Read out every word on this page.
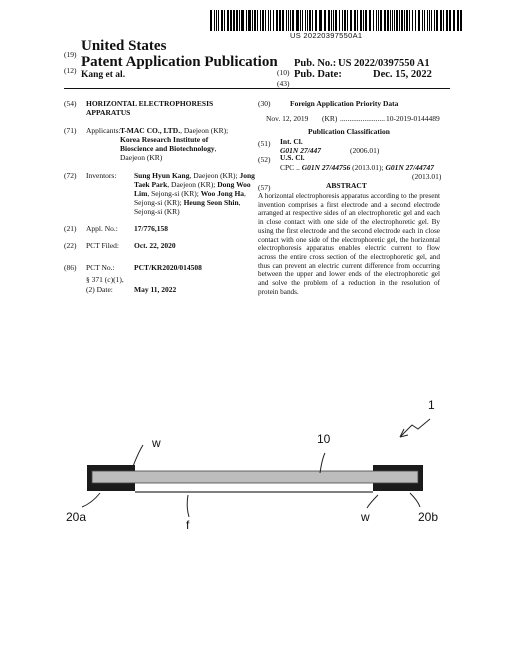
US 20220397550A1
(19)
United States
(12)
Patent Application Publication
Kang et al.	(10)
Pub. No.: US 2022/0397550 A1
(43)
Pub. Date:	Dec. 15, 2022
(54) HORIZONTAL ELECTROPHORESIS
APPARATUS
(71) Applicants: T-MAC CO., LTD., Daejeon (KR);
Korea Research Institute of
Bioscience and Biotechnology,
Daejeon (KR)
(72) Inventors: Sung Hyun Kang, Daejeon (KR); Jong
Taek Park, Daejeon (KR); Dong Woo
Lim, Sejong-si (KR); Woo Jong Ha,
Sejong-si (KR); Heung Seon Shin,
Sejong-si (KR)
(21) Appl. No.: 17/776,158
(22) PCT Filed: Oct. 22, 2020
(86) PCT No.:	PCT/KR2020/014508
§ 371 (c)(1),
(2) Date:	May 11, 2022
(30)	Foreign Application Priority Data
Nov. 12, 2019 (KR) ........................ 10-2019-0144489
Publication Classification
(51) Int. Cl.
G01N 27/447	(2006.01)
(52) U.S. Cl.
CPC .. G01N 27/44756 (2013.01); G01N 27/44747
(2013.01)
(57)	ABSTRACT
A horizontal electrophoresis apparatus according to the present invention comprises a first electrode and a second electrode arranged at respective sides of an electrophoretic gel and each in close contact with one side of the electrophoretic gel. By using the first electrode and the second electrode each in close contact with one side of the electrophoretic gel, the horizontal electrophoresis apparatus enables electric current to flow across the entire cross section of the electrophoretic gel, and thus can prevent an electric current difference from occurring between the upper and lower ends of the electrophoretic gel and solve the problem of a reduction in the resolution of protein bands.
1
10
w
w
20a	20b
f
